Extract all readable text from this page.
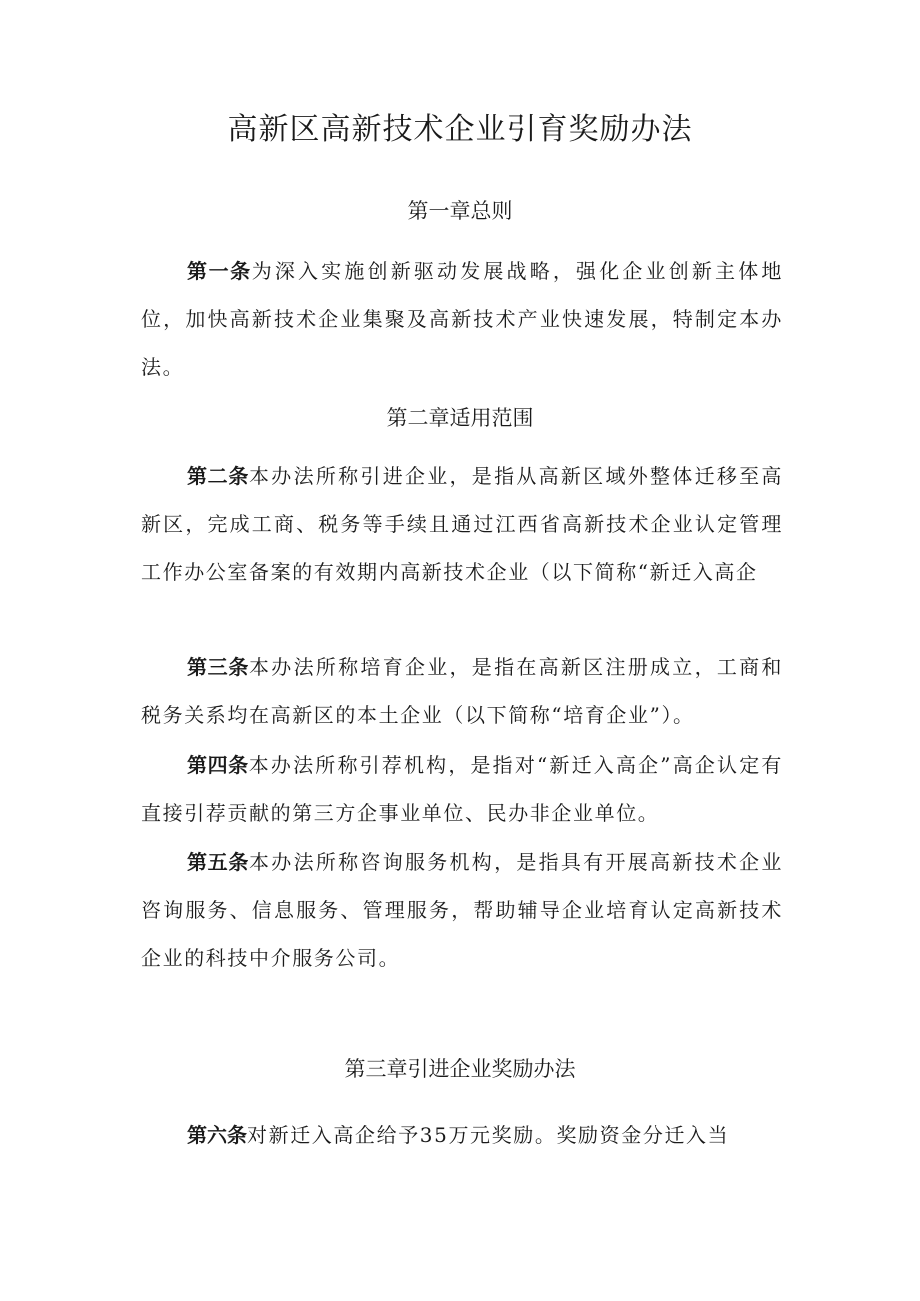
高新区高新技术企业引育奖励办法
第一章总则

第一条为深入实施创新驱动发展战略，强化企业创新主体地位，加快高新技术企业集聚及高新技术产业快速发展，特制定本办法。

第二章适用范围

第二条本办法所称引进企业，是指从高新区域外整体迁移至高新区，完成工商、税务等手续且通过江西省高新技术企业认定管理工作办公室备案的有效期内高新技术企业（以下简称“新迁入高企

第三条本办法所称培育企业，是指在高新区注册成立，工商和税务关系均在高新区的本土企业（以下简称“培育企业”）。

第四条本办法所称引荐机构，是指对“新迁入高企”高企认定有直接引荐贡献的第三方企事业单位、民办非企业单位。

第五条本办法所称咨询服务机构，是指具有开展高新技术企业咨询服务、信息服务、管理服务，帮助辅导企业培育认定高新技术企业的科技中介服务公司。

第三章引进企业奖励办法

第六条对新迁入高企给予35万元奖励。奖励资金分迁入当
